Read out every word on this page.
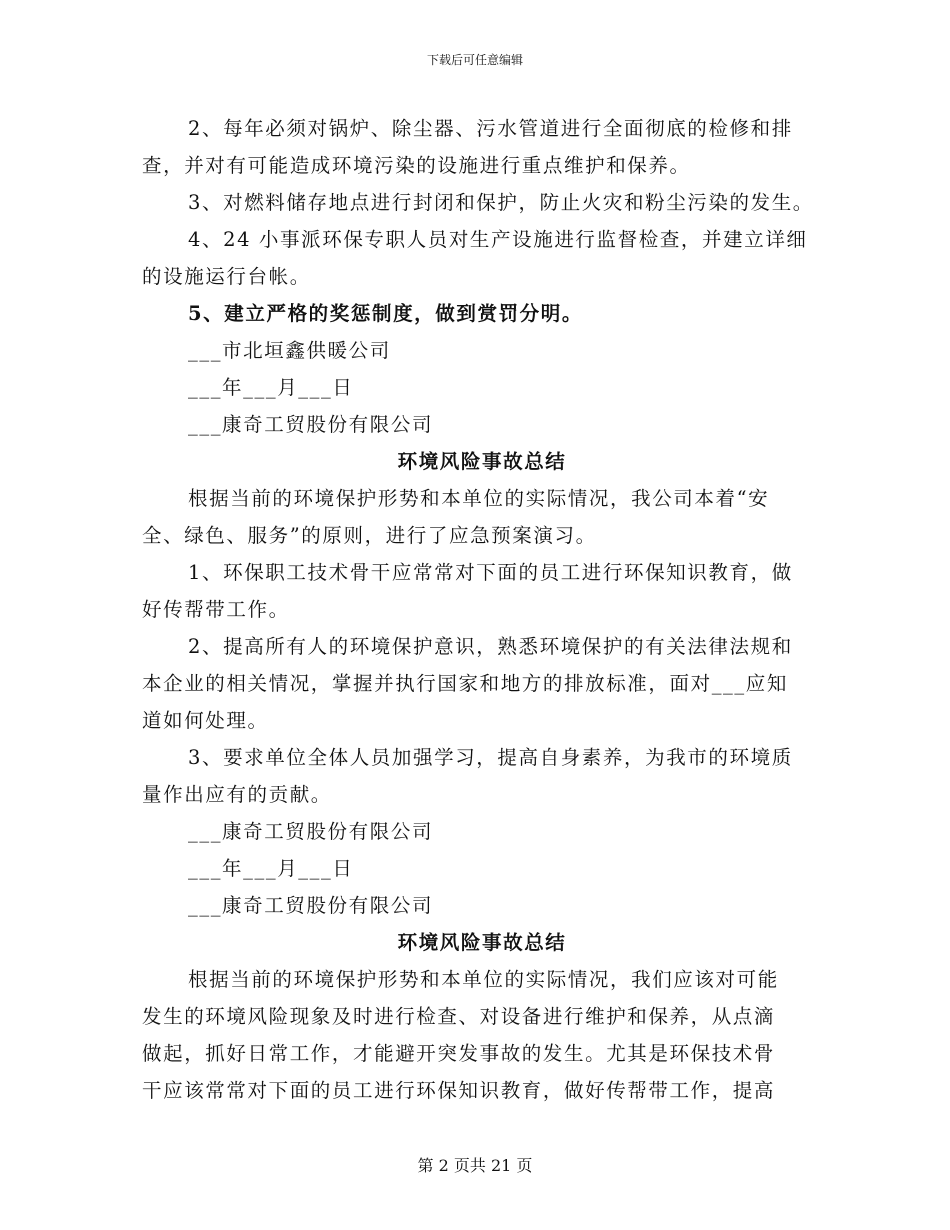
下载后可任意编辑
2、每年必须对锅炉、除尘器、污水管道进行全面彻底的检修和排
查，并对有可能造成环境污染的设施进行重点维护和保养。
3、对燃料储存地点进行封闭和保护，防止火灾和粉尘污染的发生。
4、24 小事派环保专职人员对生产设施进行监督检查，并建立详细
的设施运行台帐。
5、建立严格的奖惩制度，做到赏罚分明。
___市北垣鑫供暖公司
___年___月___日
___康奇工贸股份有限公司
环境风险事故总结
根据当前的环境保护形势和本单位的实际情况，我公司本着“安
全、绿色、服务”的原则，进行了应急预案演习。
1、环保职工技术骨干应常常对下面的员工进行环保知识教育，做
好传帮带工作。
2、提高所有人的环境保护意识，熟悉环境保护的有关法律法规和
本企业的相关情况，掌握并执行国家和地方的排放标准，面对___应知
道如何处理。
3、要求单位全体人员加强学习，提高自身素养，为我市的环境质
量作出应有的贡献。
___康奇工贸股份有限公司
___年___月___日
___康奇工贸股份有限公司
环境风险事故总结
根据当前的环境保护形势和本单位的实际情况，我们应该对可能
发生的环境风险现象及时进行检查、对设备进行维护和保养，从点滴
做起，抓好日常工作，才能避开突发事故的发生。尤其是环保技术骨
干应该常常对下面的员工进行环保知识教育，做好传帮带工作，提高
第 2 页共 21 页
